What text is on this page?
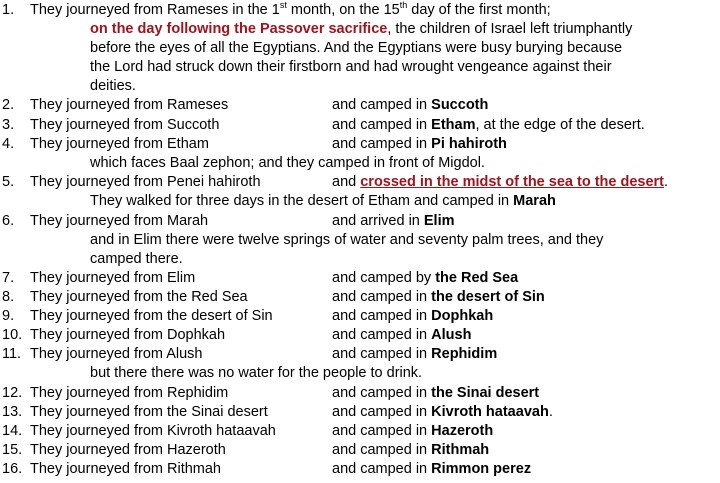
1. They journeyed from Rameses in the 1st month, on the 15th day of the first month;
on the day following the Passover sacrifice, the children of Israel left triumphantly
before the eyes of all the Egyptians. And the Egyptians were busy burying because
the Lord had struck down their firstborn and had wrought vengeance against their
deities.
2. They journeyed from Rameses	and camped in Succoth
3. They journeyed from Succoth	and camped in Etham, at the edge of the desert.
4. They journeyed from Etham	and camped in Pi hahiroth
which faces Baal zephon; and they camped in front of Migdol.
5. They journeyed from Penei hahiroth	and crossed in the midst of the sea to the desert.
They walked for three days in the desert of Etham and camped in Marah
6. They journeyed from Marah	and arrived in Elim
and in Elim there were twelve springs of water and seventy palm trees, and they
camped there.
7. They journeyed from Elim	and camped by the Red Sea
8. They journeyed from the Red Sea	and camped in the desert of Sin
9. They journeyed from the desert of Sin	and camped in Dophkah
10. They journeyed from Dophkah	and camped in Alush
11. They journeyed from Alush	and camped in Rephidim
but there there was no water for the people to drink.
12. They journeyed from Rephidim	and camped in the Sinai desert
13. They journeyed from the Sinai desert	and camped in Kivroth hataavah.
14. They journeyed from Kivroth hataavah	and camped in Hazeroth
15. They journeyed from Hazeroth	and camped in Rithmah
16. They journeyed from Rithmah	and camped in Rimmon perez
